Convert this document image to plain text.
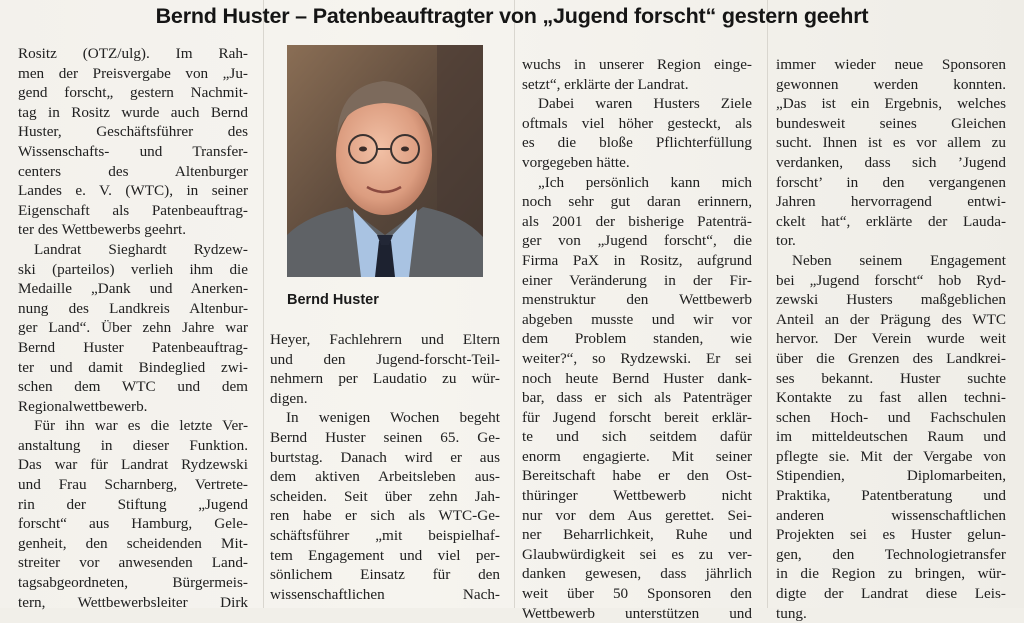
Bernd Huster – Patenbeauftragter von „Jugend forscht“ gestern geehrt
Rositz (OTZ/ulg). Im Rah-
men der Preisvergabe von „Ju-
gend forscht„ gestern Nachmit-
tag in Rositz wurde auch Bernd
Huster, Geschäftsführer des
Wissenschafts- und Transfer-
centers des Altenburger
Landes e. V. (WTC), in seiner
Eigenschaft als Patenbeauftrag-
ter des Wettbewerbs geehrt.
Landrat Sieghardt Rydzew-
ski (parteilos) verlieh ihm die
Medaille „Dank und Anerken-
nung des Landkreis Altenbur-
ger Land“. Über zehn Jahre war
Bernd Huster Patenbeauftrag-
ter und damit Bindeglied zwi-
schen dem WTC und dem
Regionalwettbewerb.
Für ihn war es die letzte Ver-
anstaltung in dieser Funktion.
Das war für Landrat Rydzewski
und Frau Scharnberg, Vertrete-
rin der Stiftung „Jugend
forscht“ aus Hamburg, Gele-
genheit, den scheidenden Mit-
streiter vor anwesenden Land-
tagsabgeordneten, Bürgermeis-
tern, Wettbewerbsleiter Dirk
Bernd Huster
Heyer, Fachlehrern und Eltern
und den Jugend-forscht-Teil-
nehmern per Laudatio zu wür-
digen.
In wenigen Wochen begeht
Bernd Huster seinen 65. Ge-
burtstag. Danach wird er aus
dem aktiven Arbeitsleben aus-
scheiden. Seit über zehn Jah-
ren habe er sich als WTC-Ge-
schäftsführer „mit beispielhaf-
tem Engagement und viel per-
sönlichem Einsatz für den
wissenschaftlichen Nach-
wuchs in unserer Region einge-
setzt“, erklärte der Landrat.
Dabei waren Husters Ziele
oftmals viel höher gesteckt, als
es die bloße Pflichterfüllung
vorgegeben hätte.
„Ich persönlich kann mich
noch sehr gut daran erinnern,
als 2001 der bisherige Patenträ-
ger von „Jugend forscht“, die
Firma PaX in Rositz, aufgrund
einer Veränderung in der Fir-
menstruktur den Wettbewerb
abgeben musste und wir vor
dem Problem standen, wie
weiter?“, so Rydzewski. Er sei
noch heute Bernd Huster dank-
bar, dass er sich als Patenträger
für Jugend forscht bereit erklär-
te und sich seitdem dafür
enorm engagierte. Mit seiner
Bereitschaft habe er den Ost-
thüringer Wettbewerb nicht
nur vor dem Aus gerettet. Sei-
ner Beharrlichkeit, Ruhe und
Glaubwürdigkeit sei es zu ver-
danken gewesen, dass jährlich
weit über 50 Sponsoren den
Wettbewerb unterstützen und
immer wieder neue Sponsoren
gewonnen werden konnten.
„Das ist ein Ergebnis, welches
bundesweit seines Gleichen
sucht. Ihnen ist es vor allem zu
verdanken, dass sich ’Jugend
forscht’ in den vergangenen
Jahren hervorragend entwi-
ckelt hat“, erklärte der Lauda-
tor.
Neben seinem Engagement
bei „Jugend forscht“ hob Ryd-
zewski Husters maßgeblichen
Anteil an der Prägung des WTC
hervor. Der Verein wurde weit
über die Grenzen des Landkrei-
ses bekannt. Huster suchte
Kontakte zu fast allen techni-
schen Hoch- und Fachschulen
im mitteldeutschen Raum und
pflegte sie. Mit der Vergabe von
Stipendien, Diplomarbeiten,
Praktika, Patentberatung und
anderen wissenschaftlichen
Projekten sei es Huster gelun-
gen, den Technologietransfer
in die Region zu bringen, wür-
digte der Landrat diese Leis-
tung.
